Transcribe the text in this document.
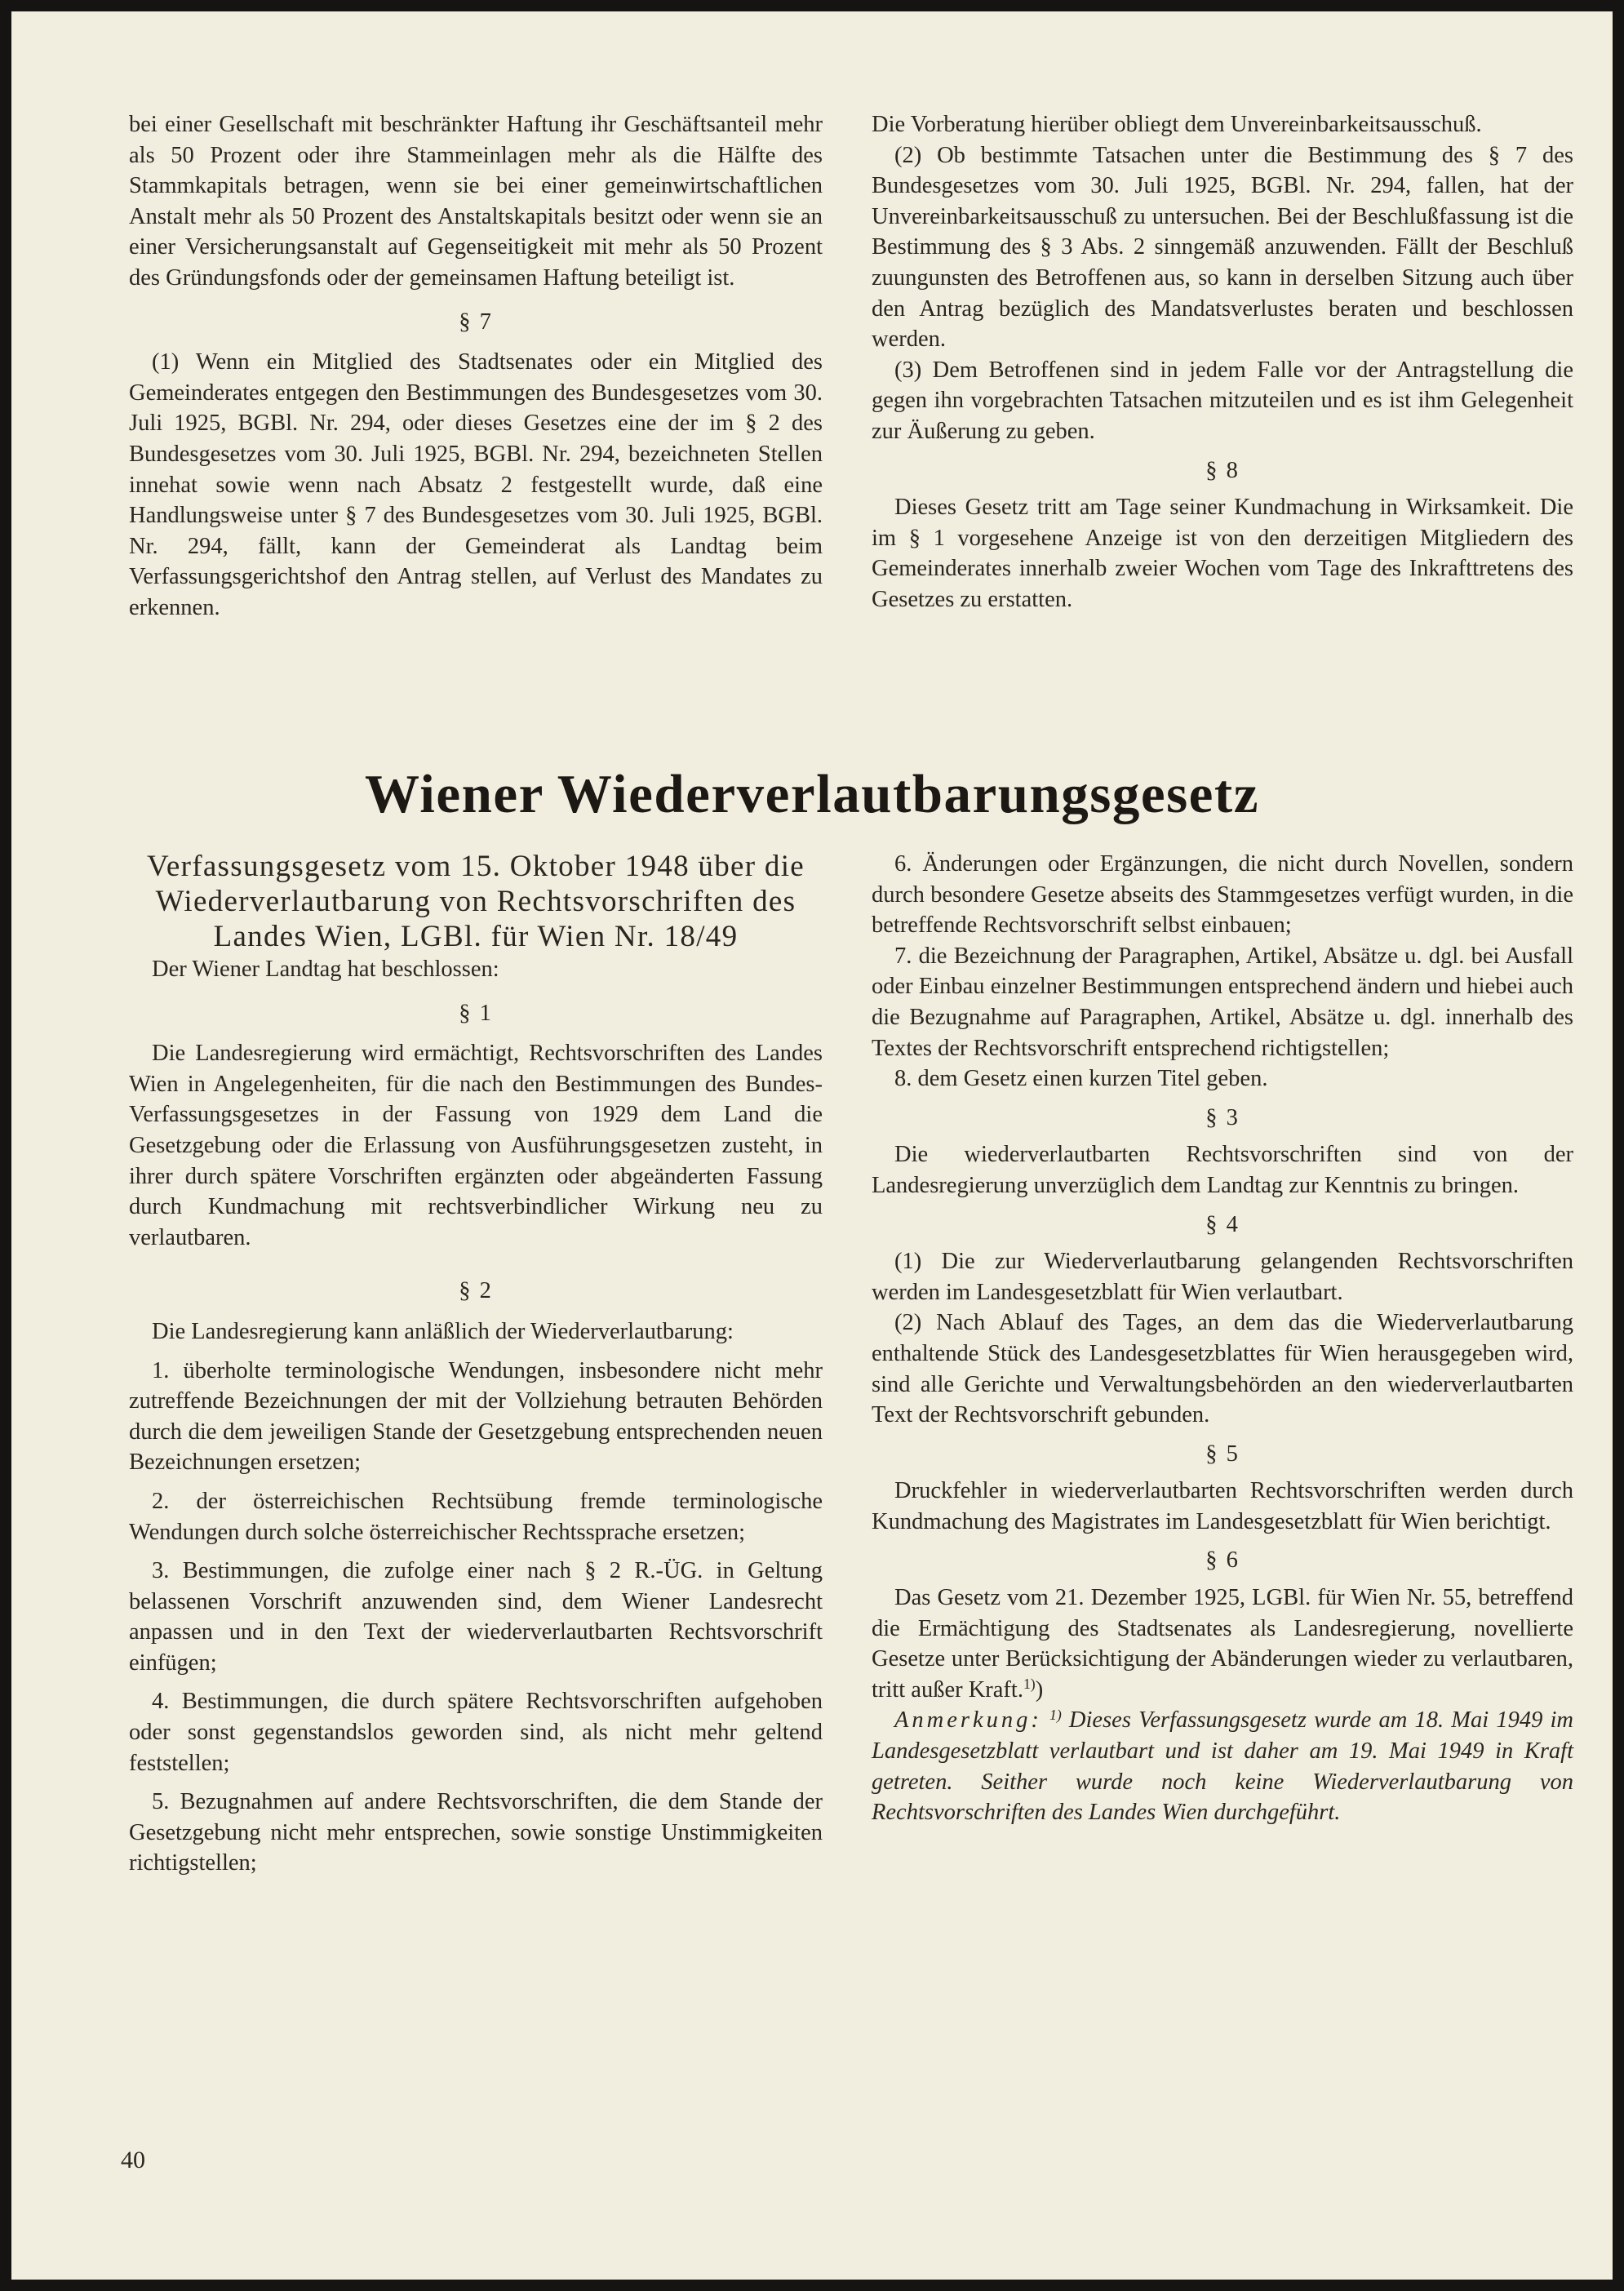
bei einer Gesellschaft mit beschränkter Haftung ihr Geschäftsanteil mehr als 50 Prozent oder ihre Stammeinlagen mehr als die Hälfte des Stammkapitals betragen, wenn sie bei einer gemeinwirtschaftlichen Anstalt mehr als 50 Prozent des Anstaltskapitals besitzt oder wenn sie an einer Versicherungsanstalt auf Gegenseitigkeit mit mehr als 50 Prozent des Gründungsfonds oder der gemeinsamen Haftung beteiligt ist.

§ 7

(1) Wenn ein Mitglied des Stadtsenates oder ein Mitglied des Gemeinderates entgegen den Bestimmungen des Bundesgesetzes vom 30. Juli 1925, BGBl. Nr. 294, oder dieses Gesetzes eine der im § 2 des Bundesgesetzes vom 30. Juli 1925, BGBl. Nr. 294, bezeichneten Stellen innehat sowie wenn nach Absatz 2 festgestellt wurde, daß eine Handlungsweise unter § 7 des Bundesgesetzes vom 30. Juli 1925, BGBl. Nr. 294, fällt, kann der Gemeinderat als Landtag beim Verfassungsgerichtshof den Antrag stellen, auf Verlust des Mandates zu erkennen.

Die Vorberatung hierüber obliegt dem Unvereinbarkeitsausschuß.

(2) Ob bestimmte Tatsachen unter die Bestimmung des § 7 des Bundesgesetzes vom 30. Juli 1925, BGBl. Nr. 294, fallen, hat der Unvereinbarkeitsausschuß zu untersuchen. Bei der Beschlußfassung ist die Bestimmung des § 3 Abs. 2 sinngemäß anzuwenden. Fällt der Beschluß zuungunsten des Betroffenen aus, so kann in derselben Sitzung auch über den Antrag bezüglich des Mandatsverlustes beraten und beschlossen werden.

(3) Dem Betroffenen sind in jedem Falle vor der Antragstellung die gegen ihn vorgebrachten Tatsachen mitzuteilen und es ist ihm Gelegenheit zur Äußerung zu geben.

§ 8

Dieses Gesetz tritt am Tage seiner Kundmachung in Wirksamkeit. Die im § 1 vorgesehene Anzeige ist von den derzeitigen Mitgliedern des Gemeinderates innerhalb zweier Wochen vom Tage des Inkrafttretens des Gesetzes zu erstatten.

Wiener Wiederverlautbarungsgesetz

Verfassungsgesetz vom 15. Oktober 1948 über die Wiederverlautbarung von Rechtsvorschriften des Landes Wien, LGBl. für Wien Nr. 18/49

Der Wiener Landtag hat beschlossen:

§ 1

Die Landesregierung wird ermächtigt, Rechtsvorschriften des Landes Wien in Angelegenheiten, für die nach den Bestimmungen des Bundes-Verfassungsgesetzes in der Fassung von 1929 dem Land die Gesetzgebung oder die Erlassung von Ausführungsgesetzen zusteht, in ihrer durch spätere Vorschriften ergänzten oder abgeänderten Fassung durch Kundmachung mit rechtsverbindlicher Wirkung neu zu verlautbaren.

§ 2

Die Landesregierung kann anläßlich der Wiederverlautbarung:

1. überholte terminologische Wendungen, insbesondere nicht mehr zutreffende Bezeichnungen der mit der Vollziehung betrauten Behörden durch die dem jeweiligen Stande der Gesetzgebung entsprechenden neuen Bezeichnungen ersetzen;

2. der österreichischen Rechtsübung fremde terminologische Wendungen durch solche österreichischer Rechtssprache ersetzen;

3. Bestimmungen, die zufolge einer nach § 2 R.-ÜG. in Geltung belassenen Vorschrift anzuwenden sind, dem Wiener Landesrecht anpassen und in den Text der wiederverlautbarten Rechtsvorschrift einfügen;

4. Bestimmungen, die durch spätere Rechtsvorschriften aufgehoben oder sonst gegenstandslos geworden sind, als nicht mehr geltend feststellen;

5. Bezugnahmen auf andere Rechtsvorschriften, die dem Stande der Gesetzgebung nicht mehr entsprechen, sowie sonstige Unstimmigkeiten richtigstellen;

6. Änderungen oder Ergänzungen, die nicht durch Novellen, sondern durch besondere Gesetze abseits des Stammgesetzes verfügt wurden, in die betreffende Rechtsvorschrift selbst einbauen;

7. die Bezeichnung der Paragraphen, Artikel, Absätze u. dgl. bei Ausfall oder Einbau einzelner Bestimmungen entsprechend ändern und hiebei auch die Bezugnahme auf Paragraphen, Artikel, Absätze u. dgl. innerhalb des Textes der Rechtsvorschrift entsprechend richtigstellen;

8. dem Gesetz einen kurzen Titel geben.

§ 3

Die wiederverlautbarten Rechtsvorschriften sind von der Landesregierung unverzüglich dem Landtag zur Kenntnis zu bringen.

§ 4

(1) Die zur Wiederverlautbarung gelangenden Rechtsvorschriften werden im Landesgesetzblatt für Wien verlautbart.

(2) Nach Ablauf des Tages, an dem das die Wiederverlautbarung enthaltende Stück des Landesgesetzblattes für Wien herausgegeben wird, sind alle Gerichte und Verwaltungsbehörden an den wiederverlautbarten Text der Rechtsvorschrift gebunden.

§ 5

Druckfehler in wiederverlautbarten Rechtsvorschriften werden durch Kundmachung des Magistrates im Landesgesetzblatt für Wien berichtigt.

§ 6

Das Gesetz vom 21. Dezember 1925, LGBl. für Wien Nr. 55, betreffend die Ermächtigung des Stadtsenates als Landesregierung, novellierte Gesetze unter Berücksichtigung der Abänderungen wieder zu verlautbaren, tritt außer Kraft.$^{1)}$)

Anmerkung: $^{1)}$ Dieses Verfassungsgesetz wurde am 18. Mai 1949 im Landesgesetzblatt verlautbart und ist daher am 19. Mai 1949 in Kraft getreten. Seither wurde noch keine Wiederverlautbarung von Rechtsvorschriften des Landes Wien durchgeführt.

40
